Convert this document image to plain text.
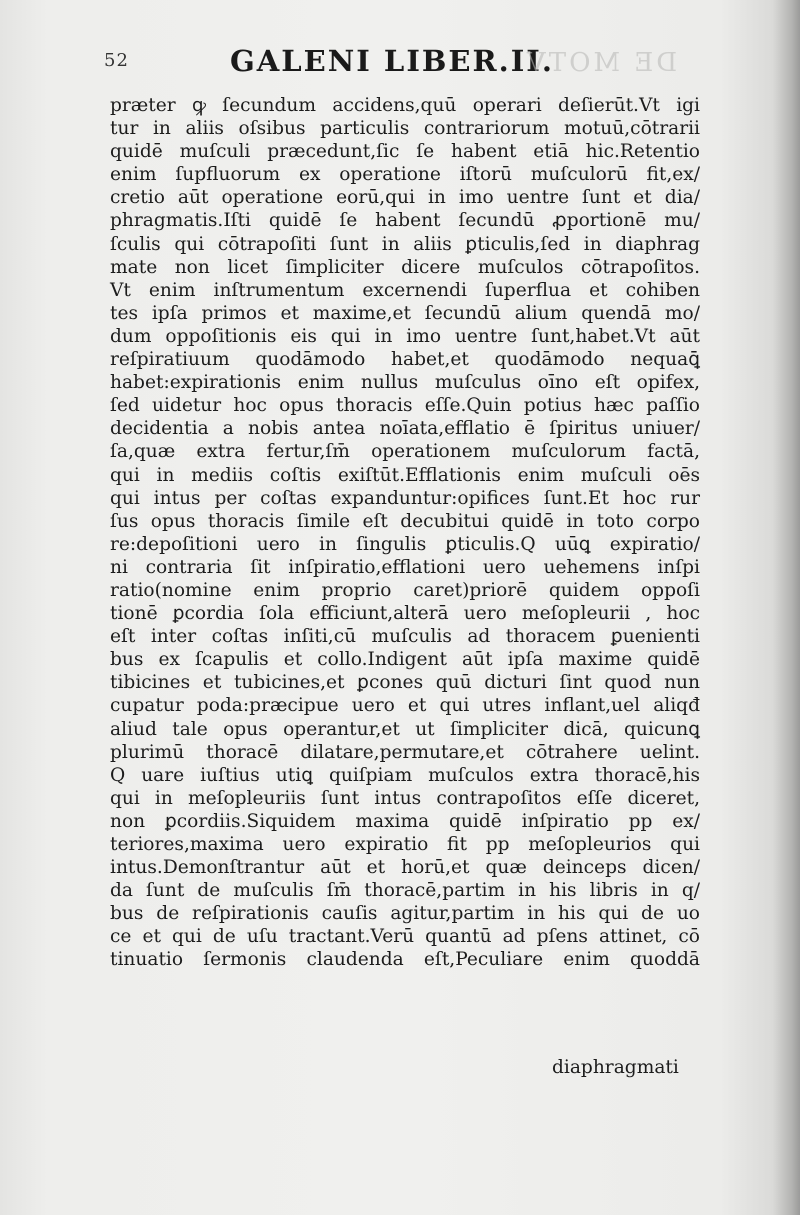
52	GALENI LIBER.II.
DE MOTV
præter ꝙ ſecundum accidens,quū operari deſierūt.Vt igi
tur in aliis oſsibus particulis contrariorum motuū,cōtrarii
quidē muſculi præcedunt,ſic ſe habent etiā hic.Retentio
enim ſupfluorum ex operatione iſtorū muſculorū fit,ex/
cretio aūt operatione eorū,qui in imo uentre ſunt et dia/
phragmatis.Iſti quidē ſe habent ſecundū ꝓportionē mu/
ſculis qui cōtrapoſiti ſunt in aliis ꝑticulis,ſed in diaphrag
mate non licet ſimpliciter dicere muſculos cōtrapoſitos.
Vt enim inſtrumentum excernendi ſuperflua et cohiben
tes ipſa primos et maxime,et ſecundū alium quendā mo/
dum oppoſitionis eis qui in imo uentre ſunt,habet.Vt aūt
reſpiratiuum quodāmodo habet,et quodāmodo nequaꝗ̄
habet:expirationis enim nullus muſculus oīno eſt opifex,
ſed uidetur hoc opus thoracis eſſe.Quin potius hæc paſſio
decidentia a nobis antea noīata,efflatio ē ſpiritus uniuer/
ſa,quæ extra fertur,ſm̄ operationem muſculorum factā,
qui in mediis coſtis exiſtūt.Efflationis enim muſculi oēs
qui intus per coſtas expanduntur:opifices ſunt.Et hoc rur
ſus opus thoracis ſimile eſt decubitui quidē in toto corpo
re:depoſitioni uero in ſingulis ꝑticulis.Q uūꝗ expiratio/
ni contraria ſit inſpiratio,efflationi uero uehemens inſpi
ratio(nomine enim proprio caret)priorē quidem oppoſi
tionē ꝑcordia ſola efficiunt,alterā uero meſopleurii , hoc
eſt inter coſtas inſiti,cū muſculis ad thoracem ꝑuenienti
bus ex ſcapulis et collo.Indigent aūt ipſa maxime quidē
tibicines et tubicines,et ꝑcones quū dicturi ſint quod nun
cupatur poda:præcipue uero et qui utres inflant,uel aliqđ
aliud tale opus operantur,et ut ſimpliciter dicā, quicunꝗ
plurimū thoracē dilatare,permutare,et cōtrahere uelint.
Q uare iuſtius utiꝗ quiſpiam muſculos extra thoracē,his
qui in meſopleuriis ſunt intus contrapoſitos eſſe diceret,
non ꝑcordiis.Siquidem maxima quidē inſpiratio pp ex/
teriores,maxima uero expiratio fit pp meſopleurios qui
intus.Demonſtrantur aūt et horū,et quæ deinceps dicen/
da ſunt de muſculis ſm̄ thoracē,partim in his libris in q/
bus de reſpirationis cauſis agitur,partim in his qui de uo
ce et qui de uſu tractant.Verū quantū ad pſens attinet, cō
tinuatio ſermonis claudenda eſt,Peculiare enim quoddā
diaphragmati
